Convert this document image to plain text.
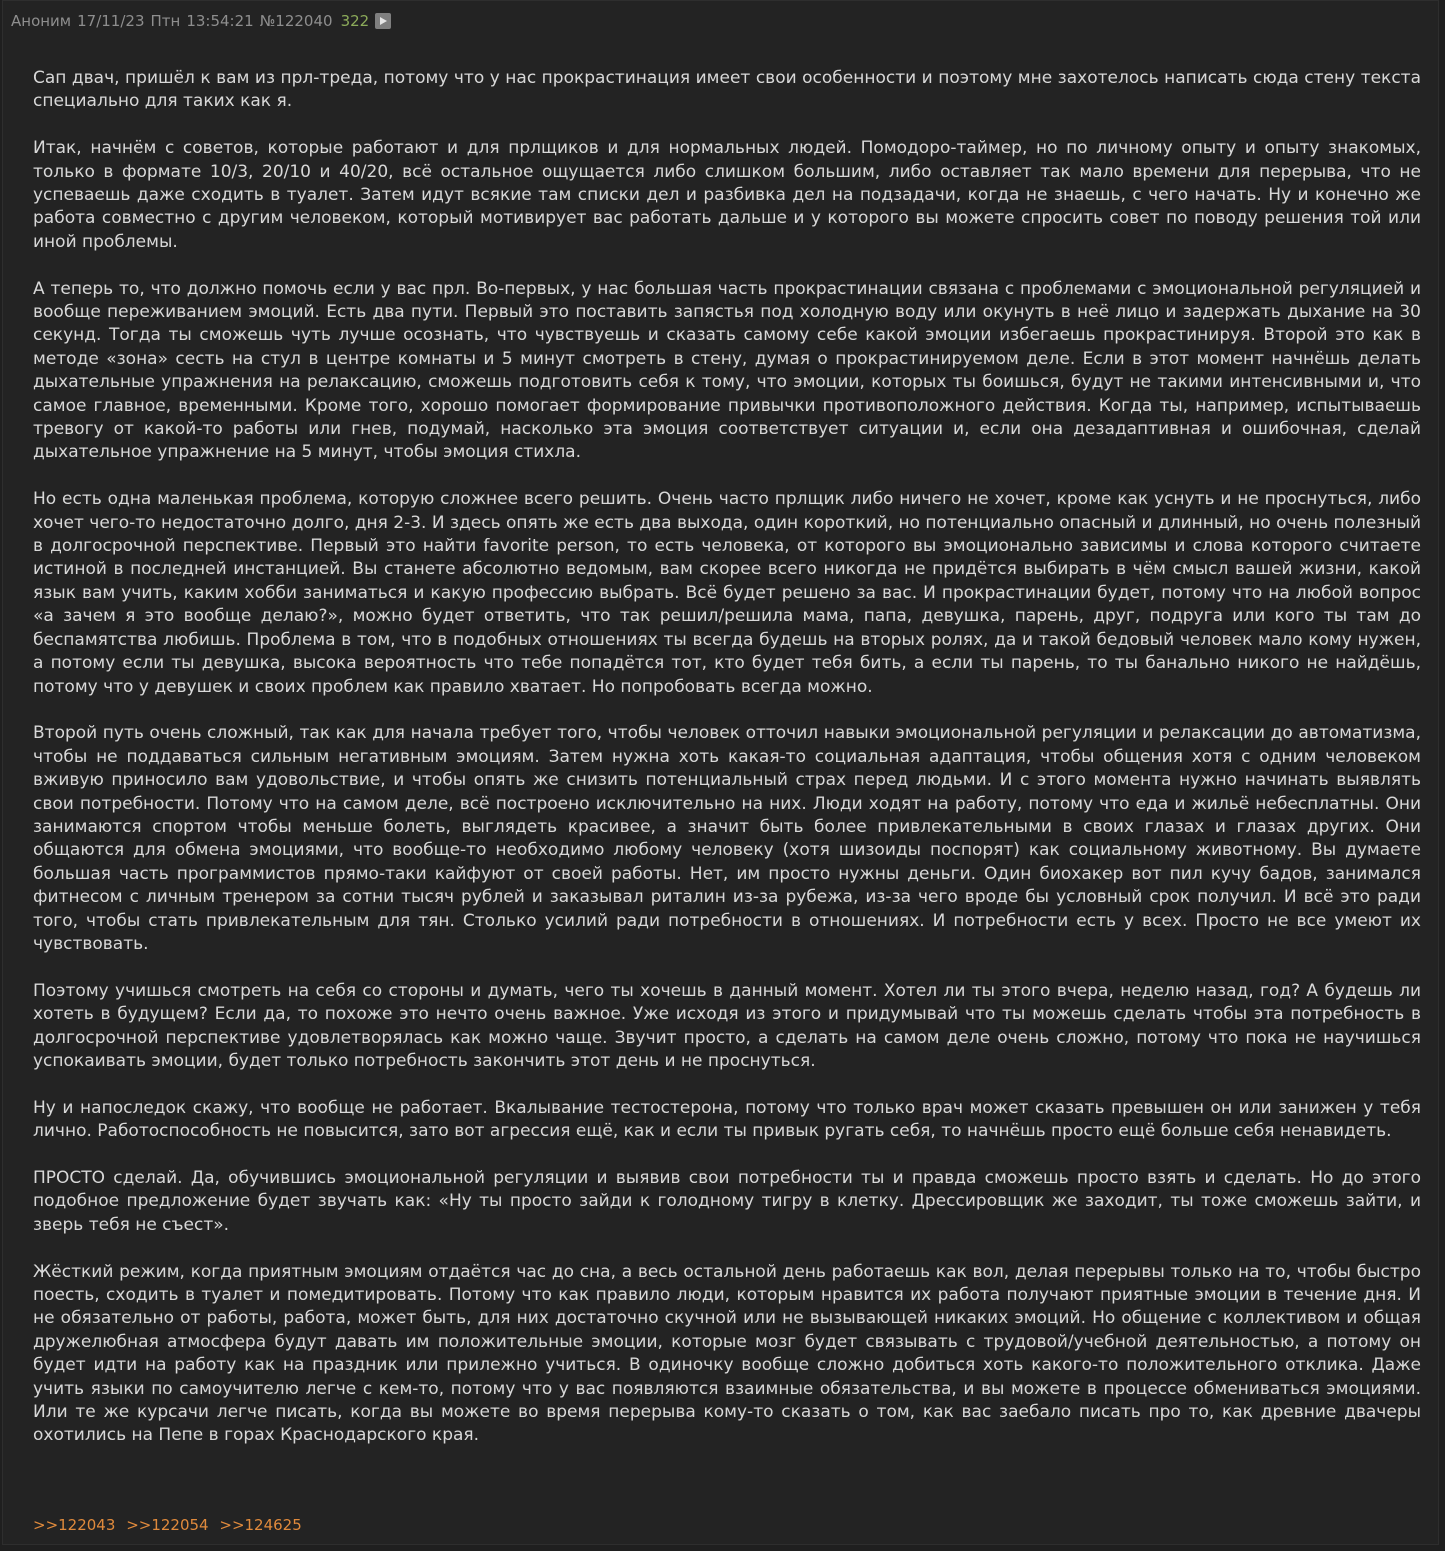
Аноним 17/11/23 Птн 13:54:21 №122040 322

Сап двач, пришёл к вам из прл-треда, потому что у нас прокрастинация имеет свои особенности и поэтому мне захотелось написать сюда стену текста специально для таких как я.

Итак, начнём с советов, которые работают и для прлщиков и для нормальных людей. Помодоро-таймер, но по личному опыту и опыту знакомых, только в формате 10/3, 20/10 и 40/20, всё остальное ощущается либо слишком большим, либо оставляет так мало времени для перерыва, что не успеваешь даже сходить в туалет. Затем идут всякие там списки дел и разбивка дел на подзадачи, когда не знаешь, с чего начать. Ну и конечно же работа совместно с другим человеком, который мотивирует вас работать дальше и у которого вы можете спросить совет по поводу решения той или иной проблемы.

А теперь то, что должно помочь если у вас прл. Во-первых, у нас большая часть прокрастинации связана с проблемами с эмоциональной регуляцией и вообще переживанием эмоций. Есть два пути. Первый это поставить запястья под холодную воду или окунуть в неё лицо и задержать дыхание на 30 секунд. Тогда ты сможешь чуть лучше осознать, что чувствуешь и сказать самому себе какой эмоции избегаешь прокрастинируя. Второй это как в методе «зона» сесть на стул в центре комнаты и 5 минут смотреть в стену, думая о прокрастинируемом деле. Если в этот момент начнёшь делать дыхательные упражнения на релаксацию, сможешь подготовить себя к тому, что эмоции, которых ты боишься, будут не такими интенсивными и, что самое главное, временными. Кроме того, хорошо помогает формирование привычки противоположного действия. Когда ты, например, испытываешь тревогу от какой-то работы или гнев, подумай, насколько эта эмоция соответствует ситуации и, если она дезадаптивная и ошибочная, сделай дыхательное упражнение на 5 минут, чтобы эмоция стихла.

Но есть одна маленькая проблема, которую сложнее всего решить. Очень часто прлщик либо ничего не хочет, кроме как уснуть и не проснуться, либо хочет чего-то недостаточно долго, дня 2-3. И здесь опять же есть два выхода, один короткий, но потенциально опасный и длинный, но очень полезный в долгосрочной перспективе. Первый это найти favorite person, то есть человека, от которого вы эмоционально зависимы и слова которого считаете истиной в последней инстанцией. Вы станете абсолютно ведомым, вам скорее всего никогда не придётся выбирать в чём смысл вашей жизни, какой язык вам учить, каким хобби заниматься и какую профессию выбрать. Всё будет решено за вас. И прокрастинации будет, потому что на любой вопрос «а зачем я это вообще делаю?», можно будет ответить, что так решил/решила мама, папа, девушка, парень, друг, подруга или кого ты там до беспамятства любишь. Проблема в том, что в подобных отношениях ты всегда будешь на вторых ролях, да и такой бедовый человек мало кому нужен, а потому если ты девушка, высока вероятность что тебе попадётся тот, кто будет тебя бить, а если ты парень, то ты банально никого не найдёшь, потому что у девушек и своих проблем как правило хватает. Но попробовать всегда можно.

Второй путь очень сложный, так как для начала требует того, чтобы человек отточил навыки эмоциональной регуляции и релаксации до автоматизма, чтобы не поддаваться сильным негативным эмоциям. Затем нужна хоть какая-то социальная адаптация, чтобы общения хотя с одним человеком вживую приносило вам удовольствие, и чтобы опять же снизить потенциальный страх перед людьми. И с этого момента нужно начинать выявлять свои потребности. Потому что на самом деле, всё построено исключительно на них. Люди ходят на работу, потому что еда и жильё небесплатны. Они занимаются спортом чтобы меньше болеть, выглядеть красивее, а значит быть более привлекательными в своих глазах и глазах других. Они общаются для обмена эмоциями, что вообще-то необходимо любому человеку (хотя шизоиды поспорят) как социальному животному. Вы думаете большая часть программистов прямо-таки кайфуют от своей работы. Нет, им просто нужны деньги. Один биохакер вот пил кучу бадов, занимался фитнесом с личным тренером за сотни тысяч рублей и заказывал риталин из-за рубежа, из-за чего вроде бы условный срок получил. И всё это ради того, чтобы стать привлекательным для тян. Столько усилий ради потребности в отношениях. И потребности есть у всех. Просто не все умеют их чувствовать.

Поэтому учишься смотреть на себя со стороны и думать, чего ты хочешь в данный момент. Хотел ли ты этого вчера, неделю назад, год? А будешь ли хотеть в будущем? Если да, то похоже это нечто очень важное. Уже исходя из этого и придумывай что ты можешь сделать чтобы эта потребность в долгосрочной перспективе удовлетворялась как можно чаще. Звучит просто, а сделать на самом деле очень сложно, потому что пока не научишься успокаивать эмоции, будет только потребность закончить этот день и не проснуться.

Ну и напоследок скажу, что вообще не работает. Вкалывание тестостерона, потому что только врач может сказать превышен он или занижен у тебя лично. Работоспособность не повысится, зато вот агрессия ещё, как и если ты привык ругать себя, то начнёшь просто ещё больше себя ненавидеть.

ПРОСТО сделай. Да, обучившись эмоциональной регуляции и выявив свои потребности ты и правда сможешь просто взять и сделать. Но до этого подобное предложение будет звучать как: «Ну ты просто зайди к голодному тигру в клетку. Дрессировщик же заходит, ты тоже сможешь зайти, и зверь тебя не съест».

Жёсткий режим, когда приятным эмоциям отдаётся час до сна, а весь остальной день работаешь как вол, делая перерывы только на то, чтобы быстро поесть, сходить в туалет и помедитировать. Потому что как правило люди, которым нравится их работа получают приятные эмоции в течение дня. И не обязательно от работы, работа, может быть, для них достаточно скучной или не вызывающей никаких эмоций. Но общение с коллективом и общая дружелюбная атмосфера будут давать им положительные эмоции, которые мозг будет связывать с трудовой/учебной деятельностью, а потому он будет идти на работу как на праздник или прилежно учиться. В одиночку вообще сложно добиться хоть какого-то положительного отклика. Даже учить языки по самоучителю легче с кем-то, потому что у вас появляются взаимные обязательства, и вы можете в процессе обмениваться эмоциями. Или те же курсачи легче писать, когда вы можете во время перерыва кому-то сказать о том, как вас заебало писать про то, как древние двачеры охотились на Пепе в горах Краснодарского края.

>>122043 >>122054 >>124625
